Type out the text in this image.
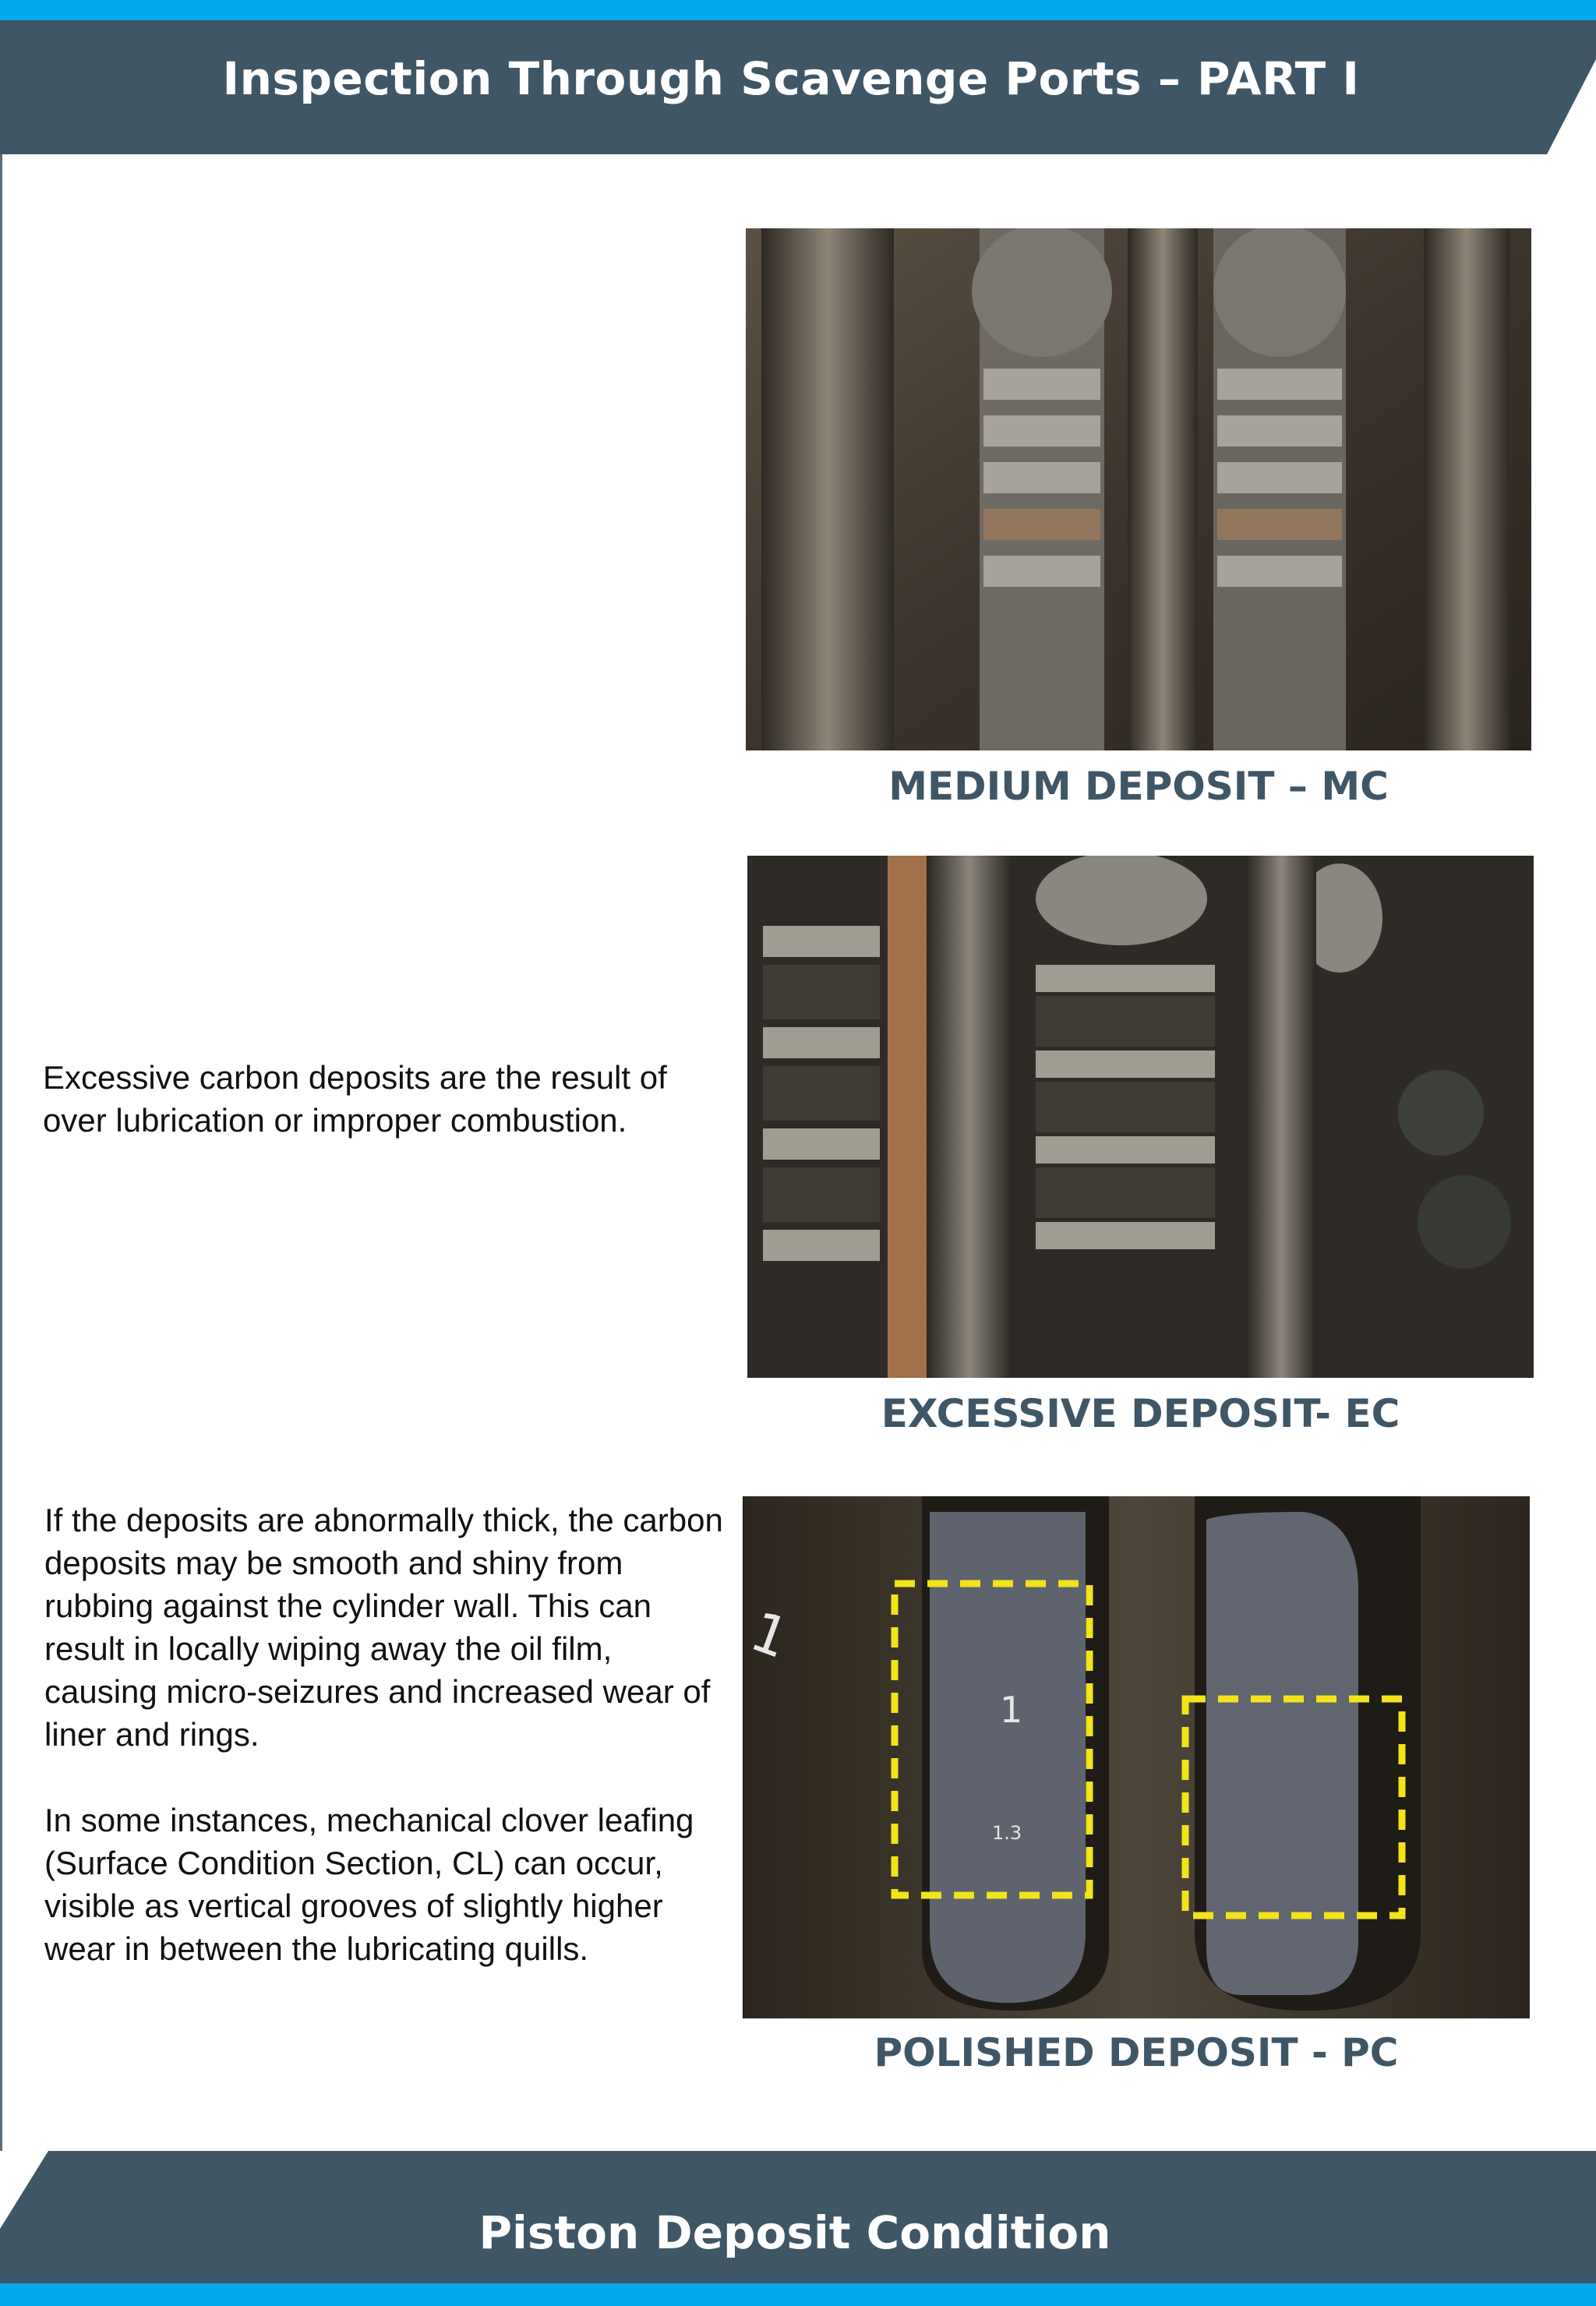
Inspection Through Scavenge Ports – PART I
MEDIUM DEPOSIT – MC
EXCESSIVE DEPOSIT- EC

Excessive carbon deposits are the result of over lubrication or improper combustion.

1
1.3
1
POLISHED DEPOSIT - PC

If the deposits are abnormally thick, the carbon deposits may be smooth and shiny from rubbing against the cylinder wall. This can result in locally wiping away the oil film, causing micro-seizures and increased wear of liner and rings.

In some instances, mechanical clover leafing (Surface Condition Section, CL) can occur, visible as vertical grooves of slightly higher wear in between the lubricating quills.

Piston Deposit Condition
